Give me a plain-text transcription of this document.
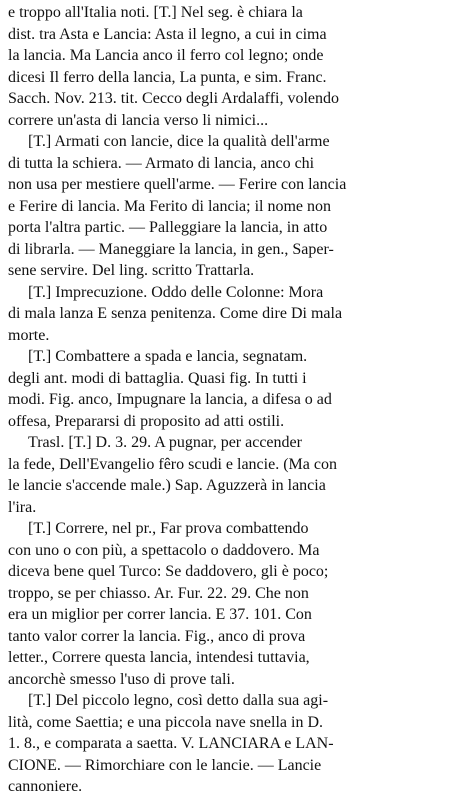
e troppo all'Italia noti. [T.] Nel seg. è chiara la
dist. tra Asta e Lancia: Asta il legno, a cui in cima
la lancia. Ma Lancia anco il ferro col legno; onde
dicesi Il ferro della lancia, La punta, e sim. Franc.
Sacch. Nov. 213. tit. Cecco degli Ardalaffi, volendo
correre un'asta di lancia verso li nimici...
[T.] Armati con lancie, dice la qualità dell'arme
di tutta la schiera. — Armato di lancia, anco chi
non usa per mestiere quell'arme. — Ferire con lancia
e Ferire di lancia. Ma Ferito di lancia; il nome non
porta l'altra partic. — Palleggiare la lancia, in atto
di librarla. — Maneggiare la lancia, in gen., Saper-
sene servire. Del ling. scritto Trattarla.
[T.] Imprecuzione. Oddo delle Colonne: Mora
di mala lanza E senza penitenza. Come dire Di mala
morte.
[T.] Combattere a spada e lancia, segnatam.
degli ant. modi di battaglia. Quasi fig. In tutti i
modi. Fig. anco, Impugnare la lancia, a difesa o ad
offesa, Prepararsi di proposito ad atti ostili.
Trasl. [T.] D. 3. 29. A pugnar, per accender
la fede, Dell'Evangelio fêro scudi e lancie. (Ma con
le lancie s'accende male.) Sap. Aguzzerà in lancia
l'ira.
[T.] Correre, nel pr., Far prova combattendo
con uno o con più, a spettacolo o daddovero. Ma
diceva bene quel Turco: Se daddovero, gli è poco;
troppo, se per chiasso. Ar. Fur. 22. 29. Che non
era un miglior per correr lancia. E 37. 101. Con
tanto valor correr la lancia. Fig., anco di prova
letter., Correre questa lancia, intendesi tuttavia,
ancorchè smesso l'uso di prove tali.
[T.] Del piccolo legno, così detto dalla sua agi-
lità, come Saettia; e una piccola nave snella in D.
1. 8., e comparata a saetta. V. LANCIARA e LAN-
CIONE. — Rimorchiare con le lancie. — Lancie
cannoniere.
